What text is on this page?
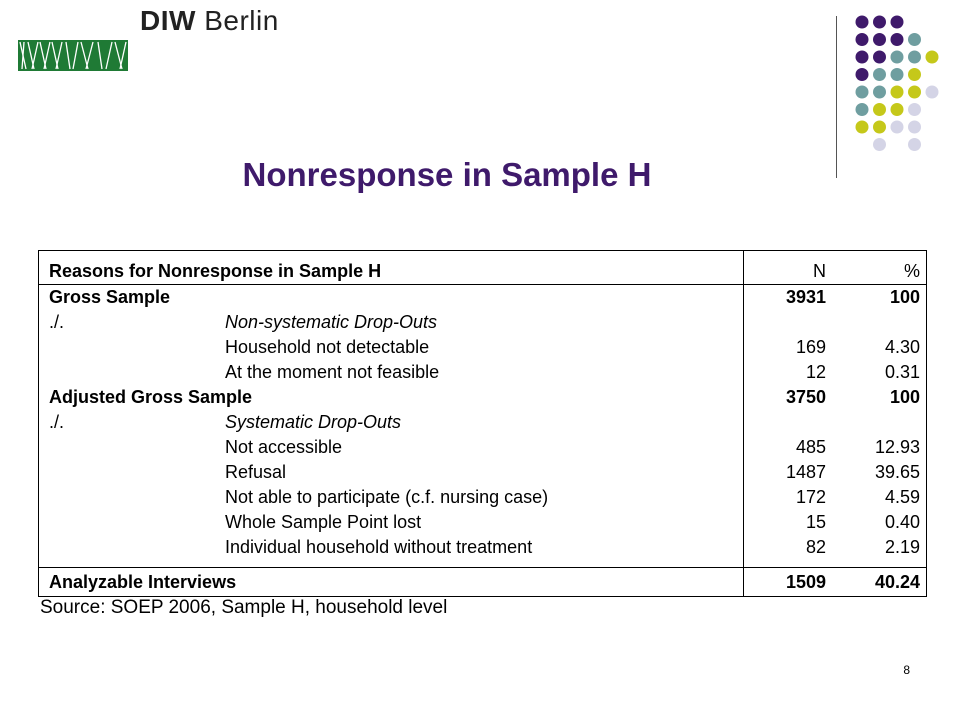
DIW Berlin
Nonresponse in Sample H
Reasons for Nonresponse in Sample H	N	%
Gross Sample	3931	100
./.	Non-systematic Drop-Outs
Household not detectable	169	4.30
At the moment not feasible	12	0.31
Adjusted Gross Sample	3750	100
./.	Systematic Drop-Outs
Not accessible	485	12.93
Refusal	1487	39.65
Not able to participate (c.f. nursing case)	172	4.59
Whole Sample Point lost	15	0.40
Individual household without treatment	82	2.19
Analyzable Interviews	1509	40.24
Source: SOEP 2006, Sample H, household level
8
